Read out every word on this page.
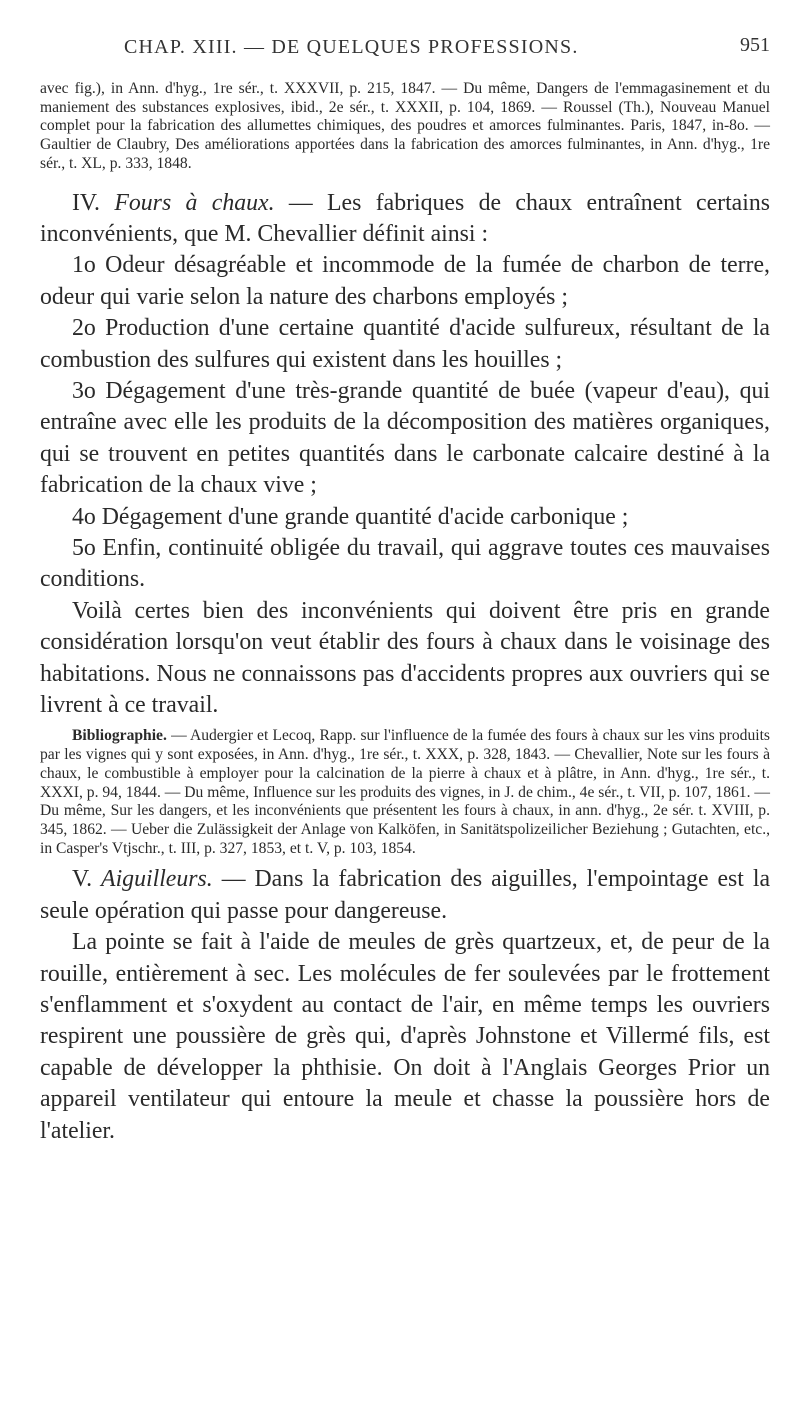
CHAP. XIII. — DE QUELQUES PROFESSIONS.	951

avec fig.), in Ann. d'hyg., 1re sér., t. XXXVII, p. 215, 1847. — Du même, Dangers de l'emmagasinement et du maniement des substances explosives, ibid., 2e sér., t. XXXII, p. 104, 1869. — Roussel (Th.), Nouveau Manuel complet pour la fabrication des allumettes chimiques, des poudres et amorces fulminantes. Paris, 1847, in-8o. — Gaultier de Claubry, Des améliorations apportées dans la fabrication des amorces fulminantes, in Ann. d'hyg., 1re sér., t. XL, p. 333, 1848.

IV. Fours à chaux. — Les fabriques de chaux entraînent certains inconvénients, que M. Chevallier définit ainsi :

1o Odeur désagréable et incommode de la fumée de charbon de terre, odeur qui varie selon la nature des charbons employés ;

2o Production d'une certaine quantité d'acide sulfureux, résultant de la combustion des sulfures qui existent dans les houilles ;

3o Dégagement d'une très-grande quantité de buée (vapeur d'eau), qui entraîne avec elle les produits de la décomposition des matières organiques, qui se trouvent en petites quantités dans le carbonate calcaire destiné à la fabrication de la chaux vive ;

4o Dégagement d'une grande quantité d'acide carbonique ;

5o Enfin, continuité obligée du travail, qui aggrave toutes ces mauvaises conditions.

Voilà certes bien des inconvénients qui doivent être pris en grande considération lorsqu'on veut établir des fours à chaux dans le voisinage des habitations. Nous ne connaissons pas d'accidents propres aux ouvriers qui se livrent à ce travail.

Bibliographie. — Audergier et Lecoq, Rapp. sur l'influence de la fumée des fours à chaux sur les vins produits par les vignes qui y sont exposées, in Ann. d'hyg., 1re sér., t. XXX, p. 328, 1843. — Chevallier, Note sur les fours à chaux, le combustible à employer pour la calcination de la pierre à chaux et à plâtre, in Ann. d'hyg., 1re sér., t. XXXI, p. 94, 1844. — Du même, Influence sur les produits des vignes, in J. de chim., 4e sér., t. VII, p. 107, 1861. — Du même, Sur les dangers, et les inconvénients que présentent les fours à chaux, in ann. d'hyg., 2e sér. t. XVIII, p. 345, 1862. — Ueber die Zulässigkeit der Anlage von Kalköfen, in Sanitätspolizeilicher Beziehung ; Gutachten, etc., in Casper's Vtjschr., t. III, p. 327, 1853, et t. V, p. 103, 1854.

V. Aiguilleurs. — Dans la fabrication des aiguilles, l'empointage est la seule opération qui passe pour dangereuse.

La pointe se fait à l'aide de meules de grès quartzeux, et, de peur de la rouille, entièrement à sec. Les molécules de fer soulevées par le frottement s'enflamment et s'oxydent au contact de l'air, en même temps les ouvriers respirent une poussière de grès qui, d'après Johnstone et Villermé fils, est capable de développer la phthisie. On doit à l'Anglais Georges Prior un appareil ventilateur qui entoure la meule et chasse la poussière hors de l'atelier.
